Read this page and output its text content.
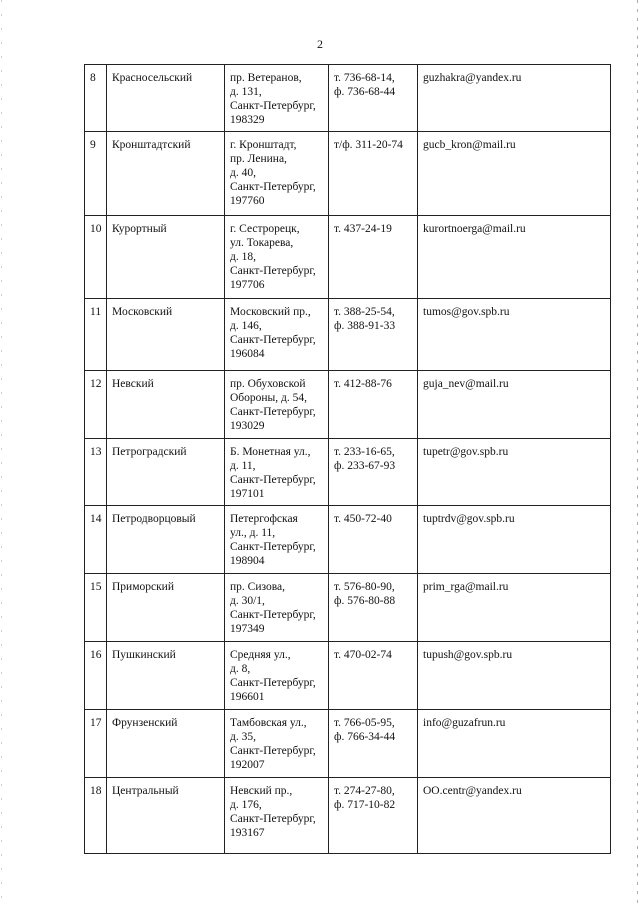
2
8	Красносельский	пр. Ветеранов,
д. 131,
Санкт-Петербург,
198329	т. 736-68-14,
ф. 736-68-44	guzhakra@yandex.ru
9	Кронштадтский	г. Кронштадт,
пр. Ленина,
д. 40,
Санкт-Петербург,
197760	т/ф. 311-20-74	gucb_kron@mail.ru
10	Курортный	г. Сестрорецк,
ул. Токарева,
д. 18,
Санкт-Петербург,
197706	т. 437-24-19	kurortnoerga@mail.ru
11	Московский	Московский пр.,
д. 146,
Санкт-Петербург,
196084	т. 388-25-54,
ф. 388-91-33	tumos@gov.spb.ru
12	Невский	пр. Обуховской
Обороны, д. 54,
Санкт-Петербург,
193029	т. 412-88-76	guja_nev@mail.ru
13	Петроградский	Б. Монетная ул.,
д. 11,
Санкт-Петербург,
197101	т. 233-16-65,
ф. 233-67-93	tupetr@gov.spb.ru
14	Петродворцовый	Петергофская
ул., д. 11,
Санкт-Петербург,
198904	т. 450-72-40	tuptrdv@gov.spb.ru
15	Приморский	пр. Сизова,
д. 30/1,
Санкт-Петербург,
197349	т. 576-80-90,
ф. 576-80-88	prim_rga@mail.ru
16	Пушкинский	Средняя ул.,
д. 8,
Санкт-Петербург,
196601	т. 470-02-74	tupush@gov.spb.ru
17	Фрунзенский	Тамбовская ул.,
д. 35,
Санкт-Петербург,
192007	т. 766-05-95,
ф. 766-34-44	info@guzafrun.ru
18	Центральный	Невский пр.,
д. 176,
Санкт-Петербург,
193167	т. 274-27-80,
ф. 717-10-82	OO.centr@yandex.ru
